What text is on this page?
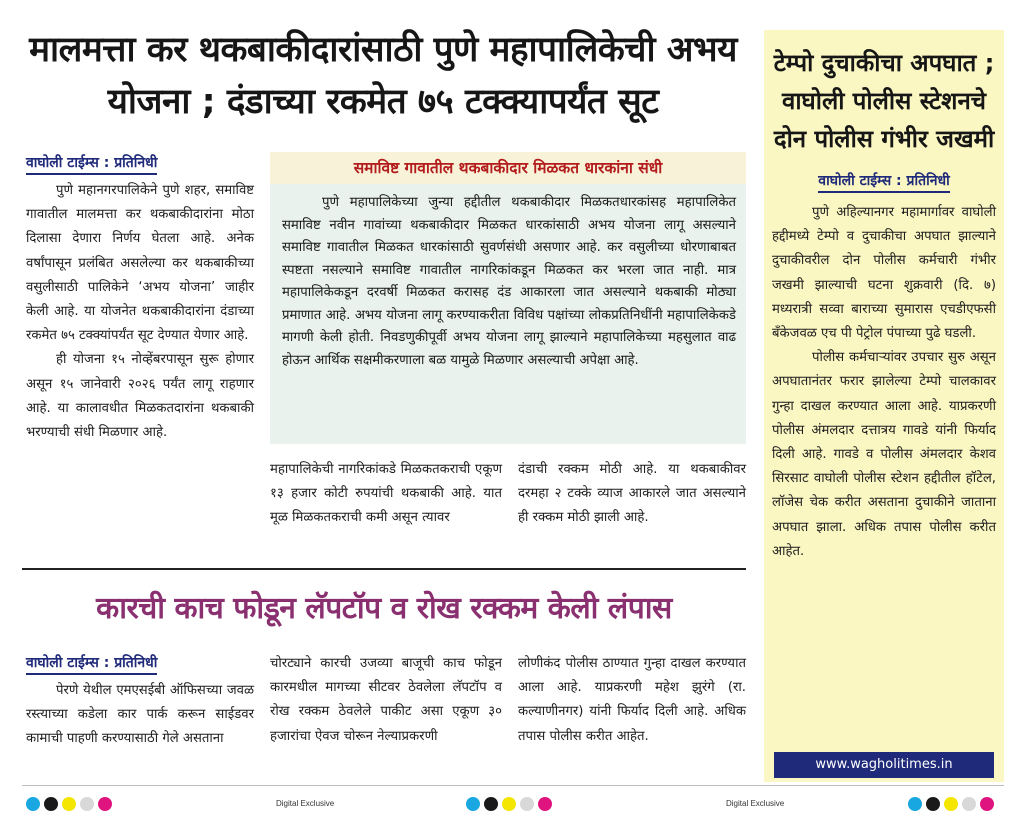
मालमत्ता कर थकबाकीदारांसाठी पुणे महापालिकेची अभय योजना ; दंडाच्या रकमेत ७५ टक्क्यापर्यंत सूट
वाघोली टाईम्स : प्रतिनिधी

पुणे महानगरपालिकेने पुणे शहर, समाविष्ट गावातील मालमत्ता कर थकबाकीदारांना मोठा दिलासा देणारा निर्णय घेतला आहे. अनेक वर्षांपासून प्रलंबित असलेल्या कर थकबाकीच्या वसुलीसाठी पालिकेने ‘अभय योजना’ जाहीर केली आहे. या योजनेत थकबाकीदारांना दंडाच्या रकमेत ७५ टक्क्यांपर्यंत सूट देण्यात येणार आहे.

ही योजना १५ नोव्हेंबरपासून सुरू होणार असून १५ जानेवारी २०२६ पर्यंत लागू राहणार आहे. या कालावधीत मिळकतदारांना थकबाकी भरण्याची संधी मिळणार आहे.

समाविष्ट गावातील थकबाकीदार मिळकत धारकांना संधी

पुणे महापालिकेच्या जुन्या हद्दीतील थकबाकीदार मिळकतधारकांसह महापालिकेत समाविष्ट नवीन गावांच्या थकबाकीदार मिळकत धारकांसाठी अभय योजना लागू असल्याने समाविष्ट गावातील मिळकत धारकांसाठी सुवर्णसंधी असणार आहे. कर वसुलीच्या धोरणाबाबत स्पष्टता नसल्याने समाविष्ट गावातील नागरिकांकडून मिळकत कर भरला जात नाही. मात्र महापालिकेकडून दरवर्षी मिळकत करासह दंड आकारला जात असल्याने थकबाकी मोठ्या प्रमाणात आहे. अभय योजना लागू करण्याकरीता विविध पक्षांच्या लोकप्रतिनिधींनी महापालिकेकडे मागणी केली होती. निवडणुकीपूर्वी अभय योजना लागू झाल्याने महापालिकेच्या महसुलात वाढ होऊन आर्थिक सक्षमीकरणाला बळ यामुळे मिळणार असल्याची अपेक्षा आहे.

महापालिकेची नागरिकांकडे मिळकतकराची एकूण १३ हजार कोटी रुपयांची थकबाकी आहे. यात मूळ मिळकतकराची कमी असून त्यावर
दंडाची रक्कम मोठी आहे. या थकबाकीवर दरमहा २ टक्के व्याज आकारले जात असल्याने ही रक्कम मोठी झाली आहे.
कारची काच फोडून लॅपटॉप व रोख रक्कम केली लंपास
वाघोली टाईम्स : प्रतिनिधी

पेरणे येथील एमएसईबी ऑफिसच्या जवळ रस्त्याच्या कडेला कार पार्क करून साईडवर कामाची पाहणी करण्यासाठी गेले असताना

चोरट्याने कारची उजव्या बाजूची काच फोडून कारमधील मागच्या सीटवर ठेवलेला लॅपटॉप व रोख रक्कम ठेवलेले पाकीट असा एकूण ३० हजारांचा ऐवज चोरून नेल्याप्रकरणी
लोणीकंद पोलीस ठाण्यात गुन्हा दाखल करण्यात आला आहे. याप्रकरणी महेश झुरंगे (रा. कल्याणीनगर) यांनी फिर्याद दिली आहे. अधिक तपास पोलीस करीत आहेत.
टेम्पो दुचाकीचा अपघात ; वाघोली पोलीस स्टेशनचे दोन पोलीस गंभीर जखमी
वाघोली टाईम्स : प्रतिनिधी

पुणे अहिल्यानगर महामार्गावर वाघोली हद्दीमध्ये टेम्पो व दुचाकीचा अपघात झाल्याने दुचाकीवरील दोन पोलीस कर्मचारी गंभीर जखमी झाल्याची घटना शुक्रवारी (दि. ७) मध्यरात्री सव्वा बाराच्या सुमारास एचडीएफसी बँकेजवळ एच पी पेट्रोल पंपाच्या पुढे घडली.

पोलीस कर्मचाऱ्यांवर उपचार सुरु असून अपघातानंतर फरार झालेल्या टेम्पो चालकावर गुन्हा दाखल करण्यात आला आहे. याप्रकरणी पोलीस अंमलदार दत्तात्रय गावडे यांनी फिर्याद दिली आहे. गावडे व पोलीस अंमलदार केशव सिरसाट वाघोली पोलीस स्टेशन हद्दीतील हॉटेल, लॉजेस चेक करीत असताना दुचाकीने जाताना अपघात झाला. अधिक तपास पोलीस करीत आहेत.

www.wagholitimes.in
Digital Exclusive	Digital Exclusive
